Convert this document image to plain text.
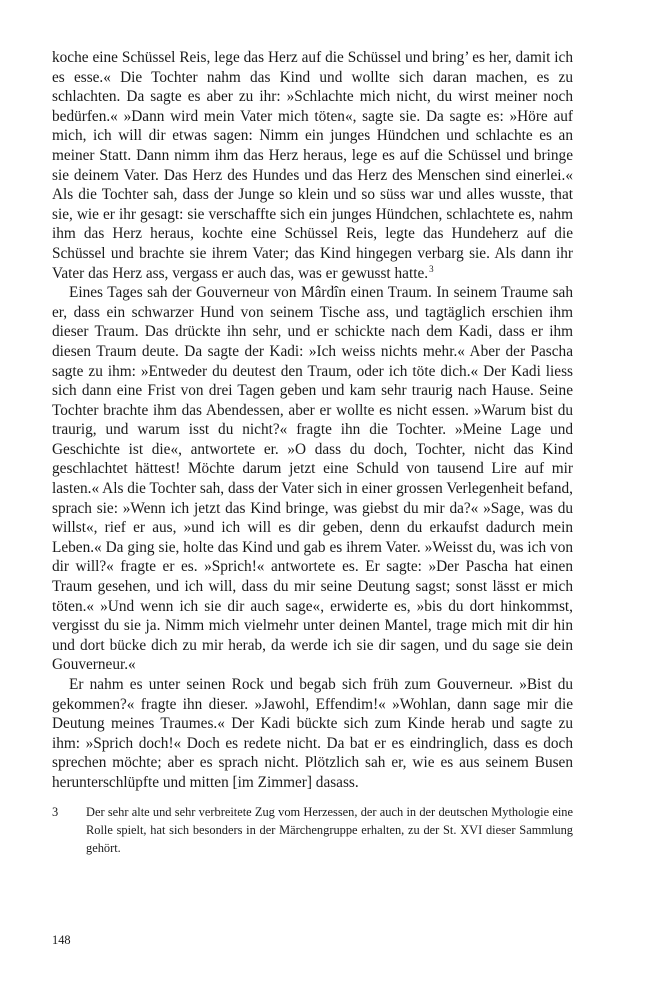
koche eine Schüssel Reis, lege das Herz auf die Schüssel und bring’ es her, damit ich es esse.« Die Tochter nahm das Kind und wollte sich daran machen, es zu schlachten. Da sagte es aber zu ihr: »Schlachte mich nicht, du wirst meiner noch bedürfen.« »Dann wird mein Vater mich töten«, sagte sie. Da sagte es: »Höre auf mich, ich will dir etwas sagen: Nimm ein junges Hündchen und schlachte es an meiner Statt. Dann nimm ihm das Herz heraus, lege es auf die Schüssel und bringe sie deinem Vater. Das Herz des Hundes und das Herz des Menschen sind einerlei.« Als die Tochter sah, dass der Junge so klein und so süss war und alles wusste, that sie, wie er ihr gesagt: sie verschaffte sich ein junges Hündchen, schlachtete es, nahm ihm das Herz heraus, kochte eine Schüssel Reis, legte das Hundeherz auf die Schüssel und brachte sie ihrem Vater; das Kind hingegen verbarg sie. Als dann ihr Vater das Herz ass, vergass er auch das, was er gewusst hatte.$^3$

Eines Tages sah der Gouverneur von Mârdîn einen Traum. In seinem Traume sah er, dass ein schwarzer Hund von seinem Tische ass, und tagtäglich erschien ihm dieser Traum. Das drückte ihn sehr, und er schickte nach dem Kadi, dass er ihm diesen Traum deute. Da sagte der Kadi: »Ich weiss nichts mehr.« Aber der Pascha sagte zu ihm: »Entweder du deutest den Traum, oder ich töte dich.« Der Kadi liess sich dann eine Frist von drei Tagen geben und kam sehr traurig nach Hause. Seine Tochter brachte ihm das Abendessen, aber er wollte es nicht essen. »Warum bist du traurig, und warum isst du nicht?« fragte ihn die Tochter. »Meine Lage und Geschichte ist die«, antwortete er. »O dass du doch, Tochter, nicht das Kind geschlachtet hättest! Möchte darum jetzt eine Schuld von tausend Lire auf mir lasten.« Als die Tochter sah, dass der Vater sich in einer grossen Verlegenheit befand, sprach sie: »Wenn ich jetzt das Kind bringe, was giebst du mir da?« »Sage, was du willst«, rief er aus, »und ich will es dir geben, denn du erkaufst dadurch mein Leben.« Da ging sie, holte das Kind und gab es ihrem Vater. »Weisst du, was ich von dir will?« fragte er es. »Sprich!« antwortete es. Er sagte: »Der Pascha hat einen Traum gesehen, und ich will, dass du mir seine Deutung sagst; sonst lässt er mich töten.« »Und wenn ich sie dir auch sage«, erwiderte es, »bis du dort hinkommst, vergisst du sie ja. Nimm mich vielmehr unter deinen Mantel, trage mich mit dir hin und dort bücke dich zu mir herab, da werde ich sie dir sagen, und du sage sie dein Gouverneur.«

Er nahm es unter seinen Rock und begab sich früh zum Gouverneur. »Bist du gekommen?« fragte ihn dieser. »Jawohl, Effendim!« »Wohlan, dann sage mir die Deutung meines Traumes.« Der Kadi bückte sich zum Kinde herab und sagte zu ihm: »Sprich doch!« Doch es redete nicht. Da bat er es eindringlich, dass es doch sprechen möchte; aber es sprach nicht. Plötzlich sah er, wie es aus seinem Busen herunterschlüpfte und mitten [im Zimmer] dasass.

3 Der sehr alte und sehr verbreitete Zug vom Herzessen, der auch in der deutschen Mythologie eine Rolle spielt, hat sich besonders in der Märchengruppe erhalten, zu der St. XVI dieser Sammlung gehört.
148
